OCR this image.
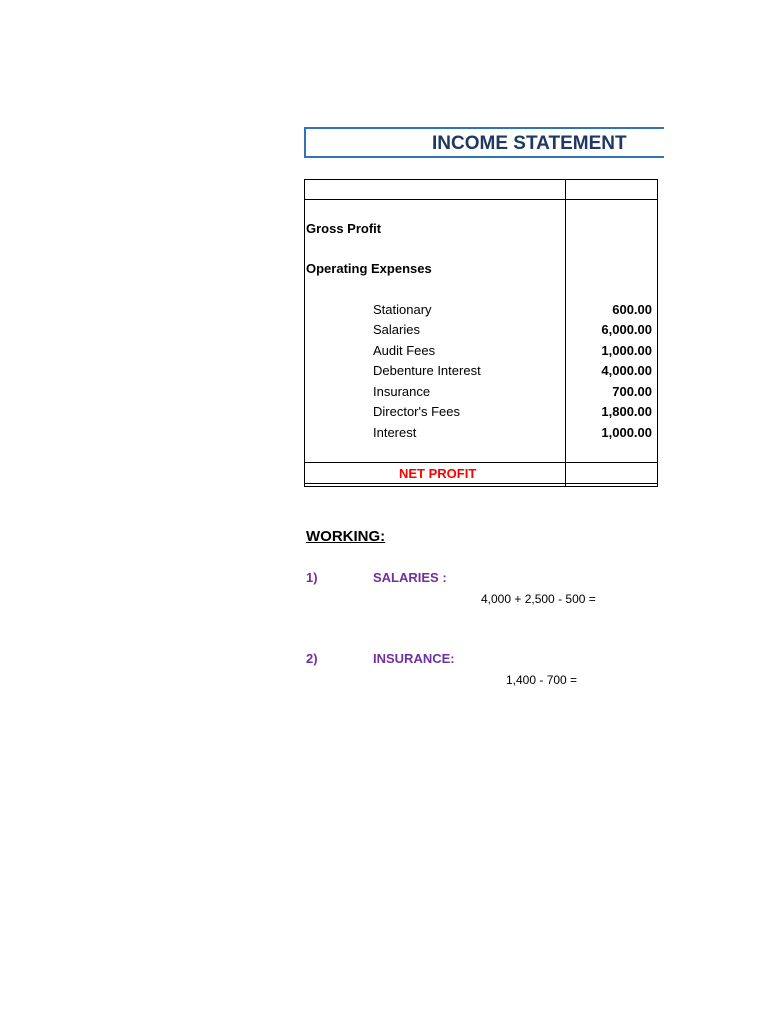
INCOME STATEMENT
Gross Profit
Operating Expenses
Stationary	600.00
Salaries	6,000.00
Audit Fees	1,000.00
Debenture Interest	4,000.00
Insurance	700.00
Director's Fees	1,800.00
Interest	1,000.00
NET PROFIT
WORKING:
1)	SALARIES :
4,000 + 2,500 - 500 =
2)	INSURANCE:
1,400 - 700 =
